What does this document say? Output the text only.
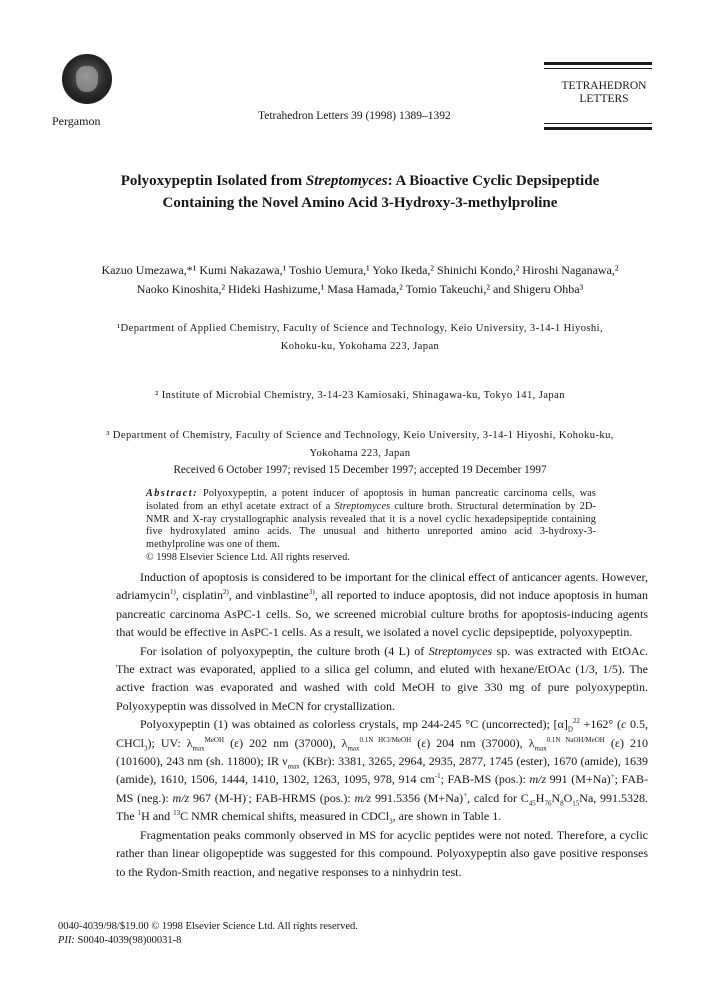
Pergamon	Tetrahedron Letters 39 (1998) 1389–1392
TETRAHEDRON
LETTERS
Polyoxypeptin Isolated from Streptomyces: A Bioactive Cyclic Depsipeptide
Containing the Novel Amino Acid 3-Hydroxy-3-methylproline
Kazuo Umezawa,*¹ Kumi Nakazawa,¹ Toshio Uemura,¹ Yoko Ikeda,² Shinichi Kondo,² Hiroshi Naganawa,²
Naoko Kinoshita,² Hideki Hashizume,¹ Masa Hamada,² Tomio Takeuchi,² and Shigeru Ohba³
¹Department of Applied Chemistry, Faculty of Science and Technology, Keio University, 3-14-1 Hiyoshi,
Kohoku-ku, Yokohama 223, Japan
² Institute of Microbial Chemistry, 3-14-23 Kamiosaki, Shinagawa-ku, Tokyo 141, Japan
³ Department of Chemistry, Faculty of Science and Technology, Keio University, 3-14-1 Hiyoshi, Kohoku-ku,
Yokohama 223, Japan
Received 6 October 1997; revised 15 December 1997; accepted 19 December 1997
Abstract: Polyoxypeptin, a potent inducer of apoptosis in human pancreatic carcinoma cells, was isolated from an ethyl acetate extract of a Streptomyces culture broth. Structural determination by 2D-NMR and X-ray crystallographic analysis revealed that it is a novel cyclic hexadepsipeptide containing five hydroxylated amino acids. The unusual and hitherto unreported amino acid 3-hydroxy-3-methylproline was one of them.
© 1998 Elsevier Science Ltd. All rights reserved.

Induction of apoptosis is considered to be important for the clinical effect of anticancer agents. However, adriamycin$^{1)}$, cisplatin$^{2)}$, and vinblastine$^{3)}$, all reported to induce apoptosis, did not induce apoptosis in human pancreatic carcinoma AsPC-1 cells. So, we screened microbial culture broths for apoptosis-inducing agents that would be effective in AsPC-1 cells. As a result, we isolated a novel cyclic depsipeptide, polyoxypeptin.

For isolation of polyoxypeptin, the culture broth (4 L) of Streptomyces sp. was extracted with EtOAc. The extract was evaporated, applied to a silica gel column, and eluted with hexane/EtOAc (1/3, 1/5). The active fraction was evaporated and washed with cold MeOH to give 330 mg of pure polyoxypeptin. Polyoxypeptin was dissolved in MeCN for crystallization.

Polyoxypeptin (1) was obtained as colorless crystals, mp 244-245 °C (uncorrected); $[\alpha]_D^{22} +162^\circ$ (c 0.5, CHCl$_3$); UV: $\lambda_{max}^{MeOH}$ (ε) 202 nm (37000), $\lambda_{max}^{0.1N HCl/MeOH}$ (ε) 204 nm (37000), $\lambda_{max}^{0.1N NaOH/MeOH}$ (ε) 210 (101600), 243 nm (sh. 11800); IR $\nu_{max}$ (KBr): 3381, 3265, 2964, 2935, 2877, 1745 (ester), 1670 (amide), 1639 (amide), 1610, 1506, 1444, 1410, 1302, 1263, 1095, 978, 914 $cm^{-1}$; FAB-MS (pos.): m/z 991 (M+Na)+; FAB-MS (neg.): m/z 967 (M-H)-; FAB-HRMS (pos.): m/z 991.5356 (M+Na)+, calcd for $C_{45}H_{76}N_8O_{15}Na$, 991.5328. The $^1$H and $^{13}$C NMR chemical shifts, measured in CDCl$_3$, are shown in Table 1.

Fragmentation peaks commonly observed in MS for acyclic peptides were not noted. Therefore, a cyclic rather than linear oligopeptide was suggested for this compound. Polyoxypeptin also gave positive responses to the Rydon-Smith reaction, and negative responses to a ninhydrin test.

0040-4039/98/$19.00 © 1998 Elsevier Science Ltd. All rights reserved.
PII: S0040-4039(98)00031-8
